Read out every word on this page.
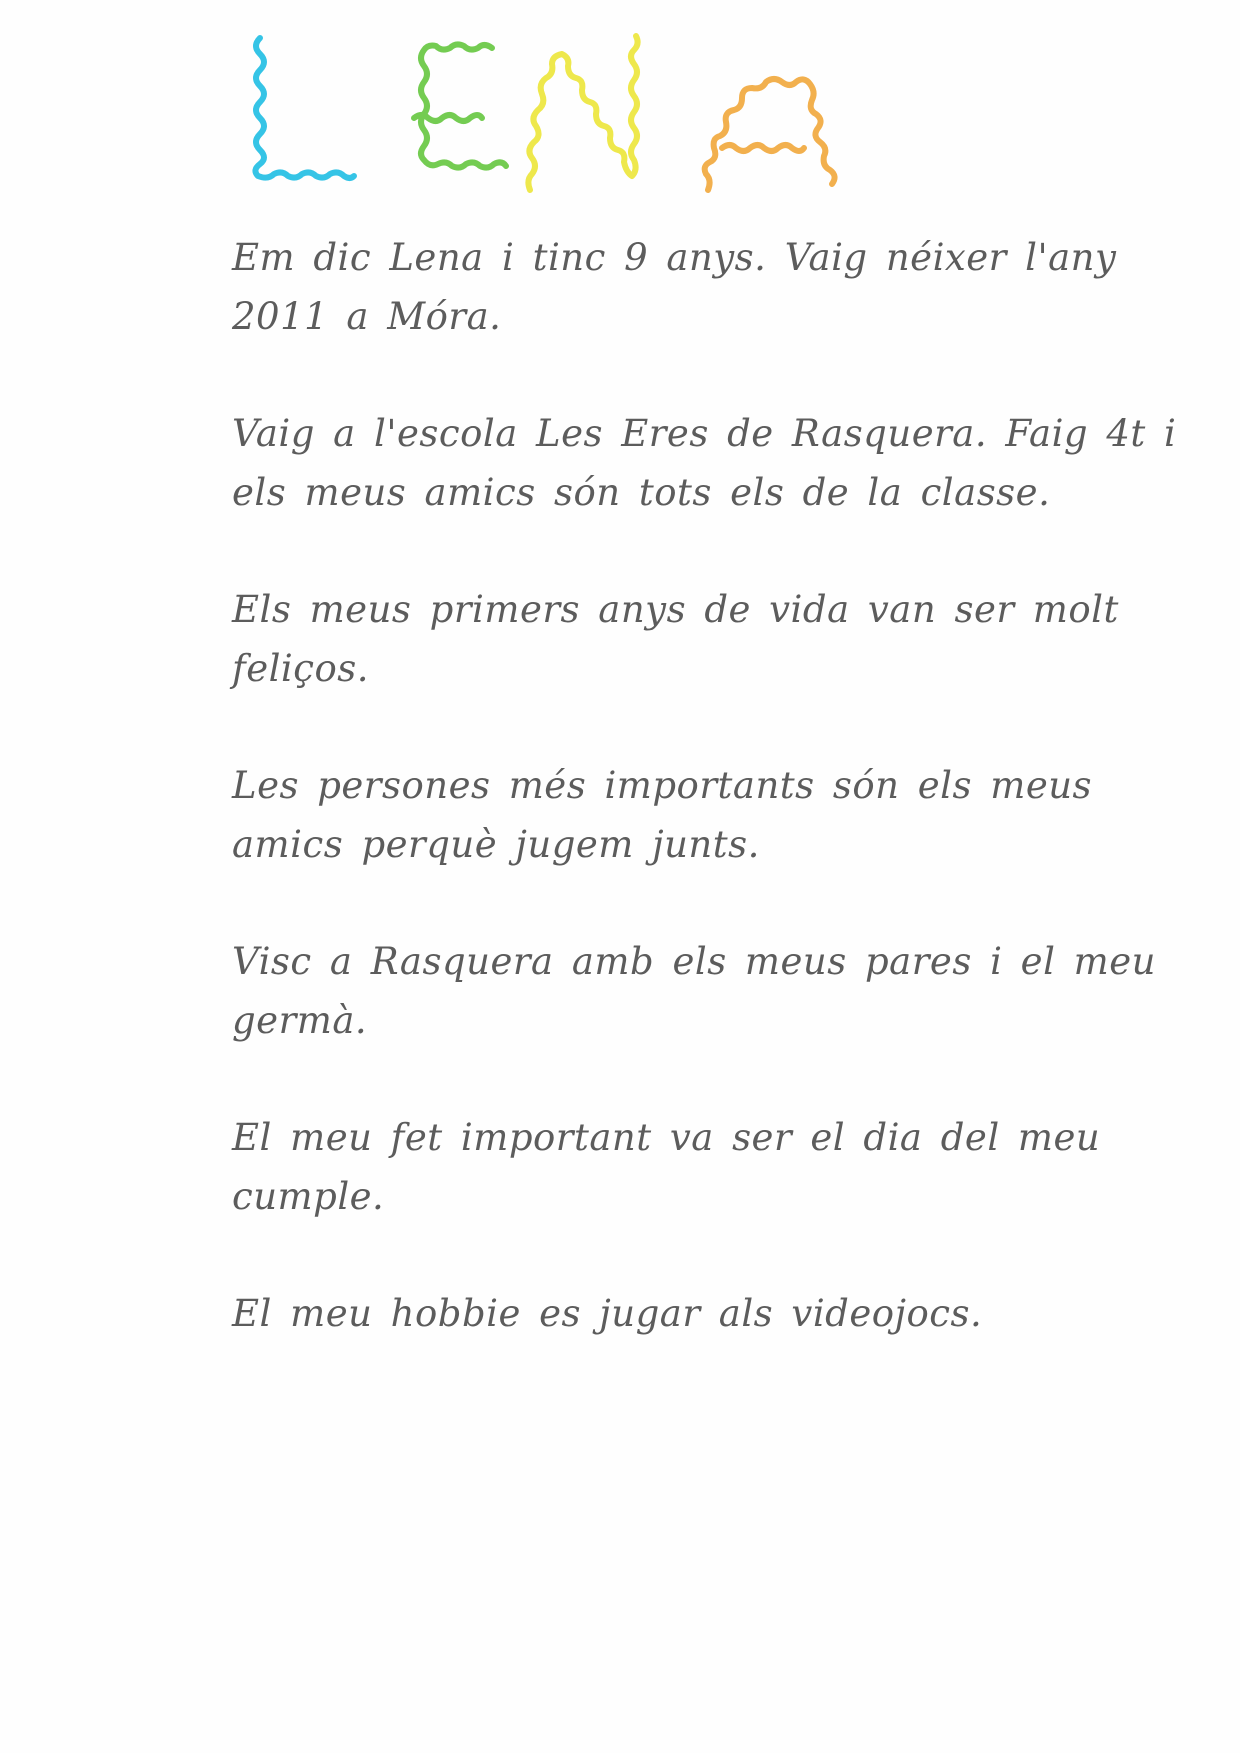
Em dic Lena i tinc 9 anys. Vaig néixer l'any 2011 a Móra.

Vaig a l'escola Les Eres de Rasquera. Faig 4t i els meus amics són tots els de la classe.

Els meus primers anys de vida van ser molt feliços.

Les persones més importants són els meus amics perquè jugem junts.

Visc a Rasquera amb els meus pares i el meu germà.

El meu fet important va ser el dia del meu cumple.

El meu hobbie es jugar als videojocs.
